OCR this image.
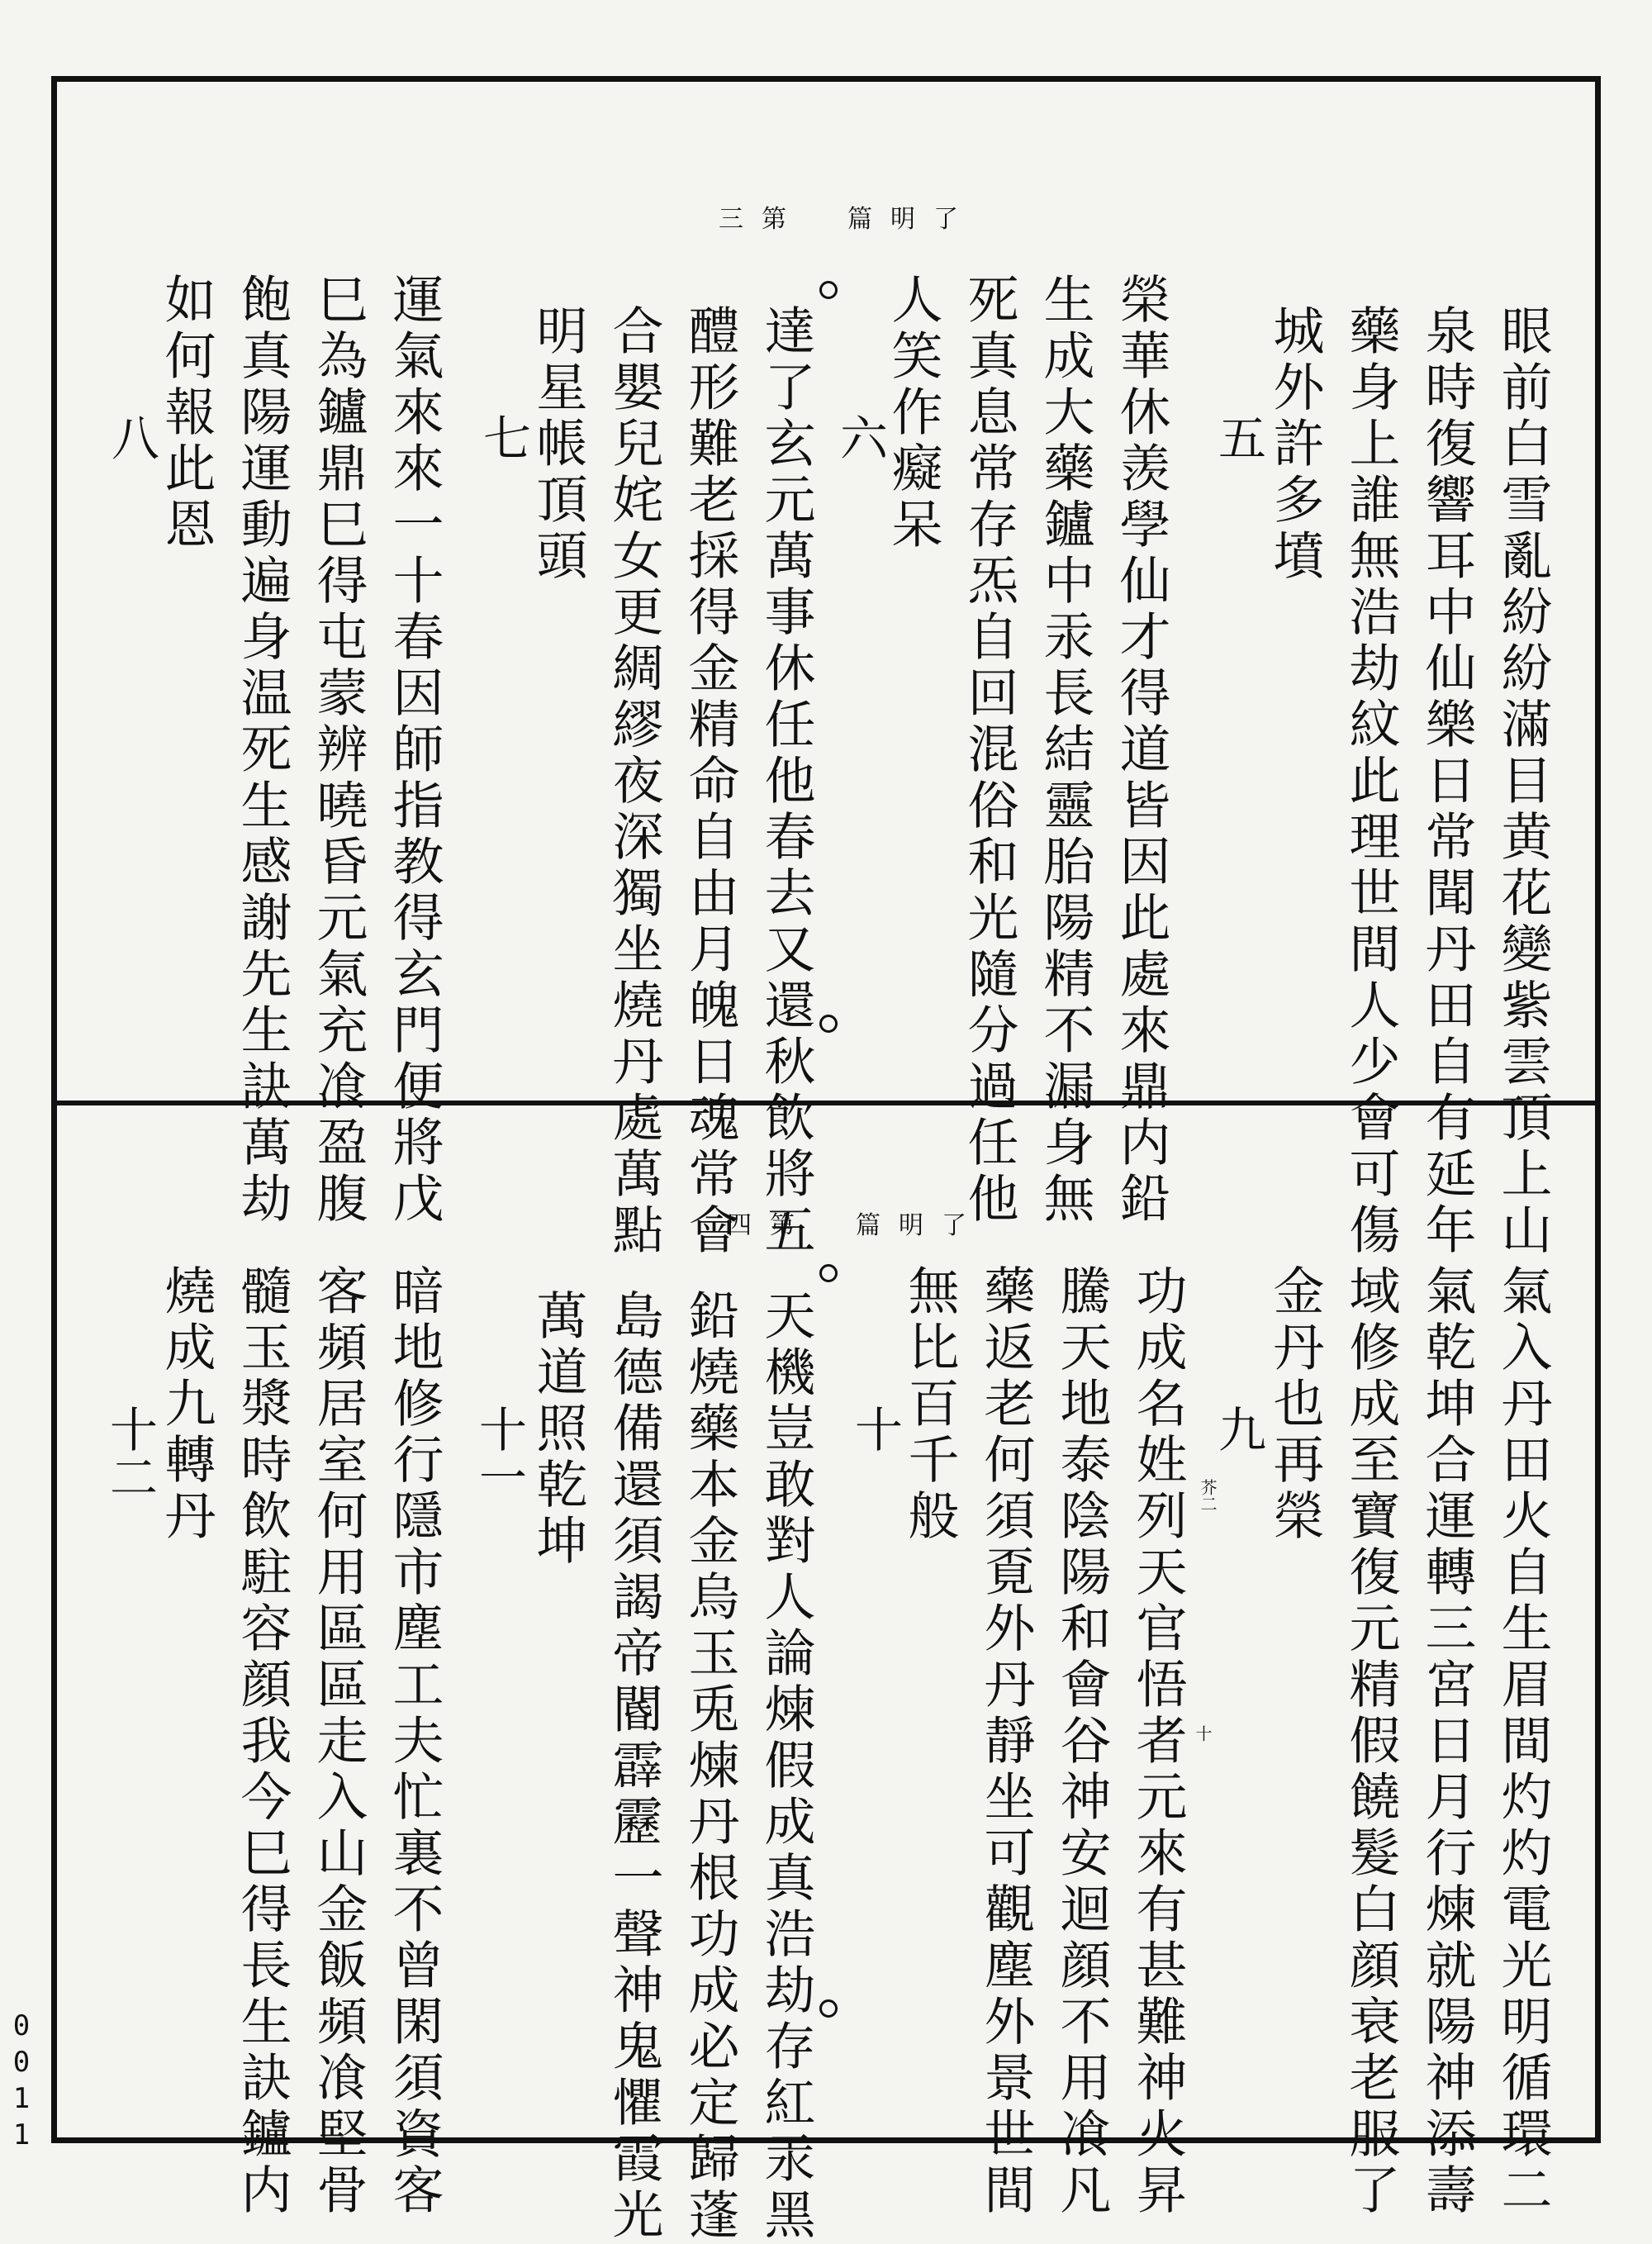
三第　篇明了
眼前白雪亂紛紛滿目黄花變紫雲頂上山
泉時復響耳中仙樂日常聞丹田自有延年
藥身上誰無浩劫紋此理世間人少會可傷
城外許多墳
五
榮華休羡學仙才得道皆因此處來鼎内鉛
生成大藥鑪中汞長結靈胎陽精不漏身無
死真息常存炁自回混俗和光隨分過任他
人笑作癡呆
六
達了玄元萬事休任他春去又還秋飲將五
醴形難老採得金精命自由月魄日魂常會
合嬰兒姹女更綢繆夜深獨坐燒丹處萬點
明星帳頂頭
七
運氣來來一十春因師指教得玄門便將戊
巳為鑪鼎巳得屯蒙辨曉昏元氣充飡盈腹
飽真陽運動遍身温死生感謝先生訣萬劫
如何報此恩
八
四第　篇明了
氣入丹田火自生眉間灼灼電光明循環二
氣乾坤合運轉三宮日月行煉就陽神添壽
域修成至寶復元精假饒髮白顔衰老服了
金丹也再榮
九
芥二
十
功成名姓列天官悟者元來有甚難神火昇
騰天地泰陰陽和會谷神安迴顔不用飡凡
藥返老何須覔外丹靜坐可觀塵外景世間
無比百千般
十
天機豈敢對人論煉假成真浩劫存紅汞黑
鉛燒藥本金烏玉兎煉丹根功成必定歸蓬
島德備還須謁帝閽霹靂一聲神鬼懼霞光
萬道照乾坤
十一
暗地修行隱市塵工夫忙裏不曾閑須資客
客頻居室何用區區走入山金飯頻飡堅骨
髓玉漿時飲駐容顔我今巳得長生訣鑪内
燒成九轉丹
十二
0011
